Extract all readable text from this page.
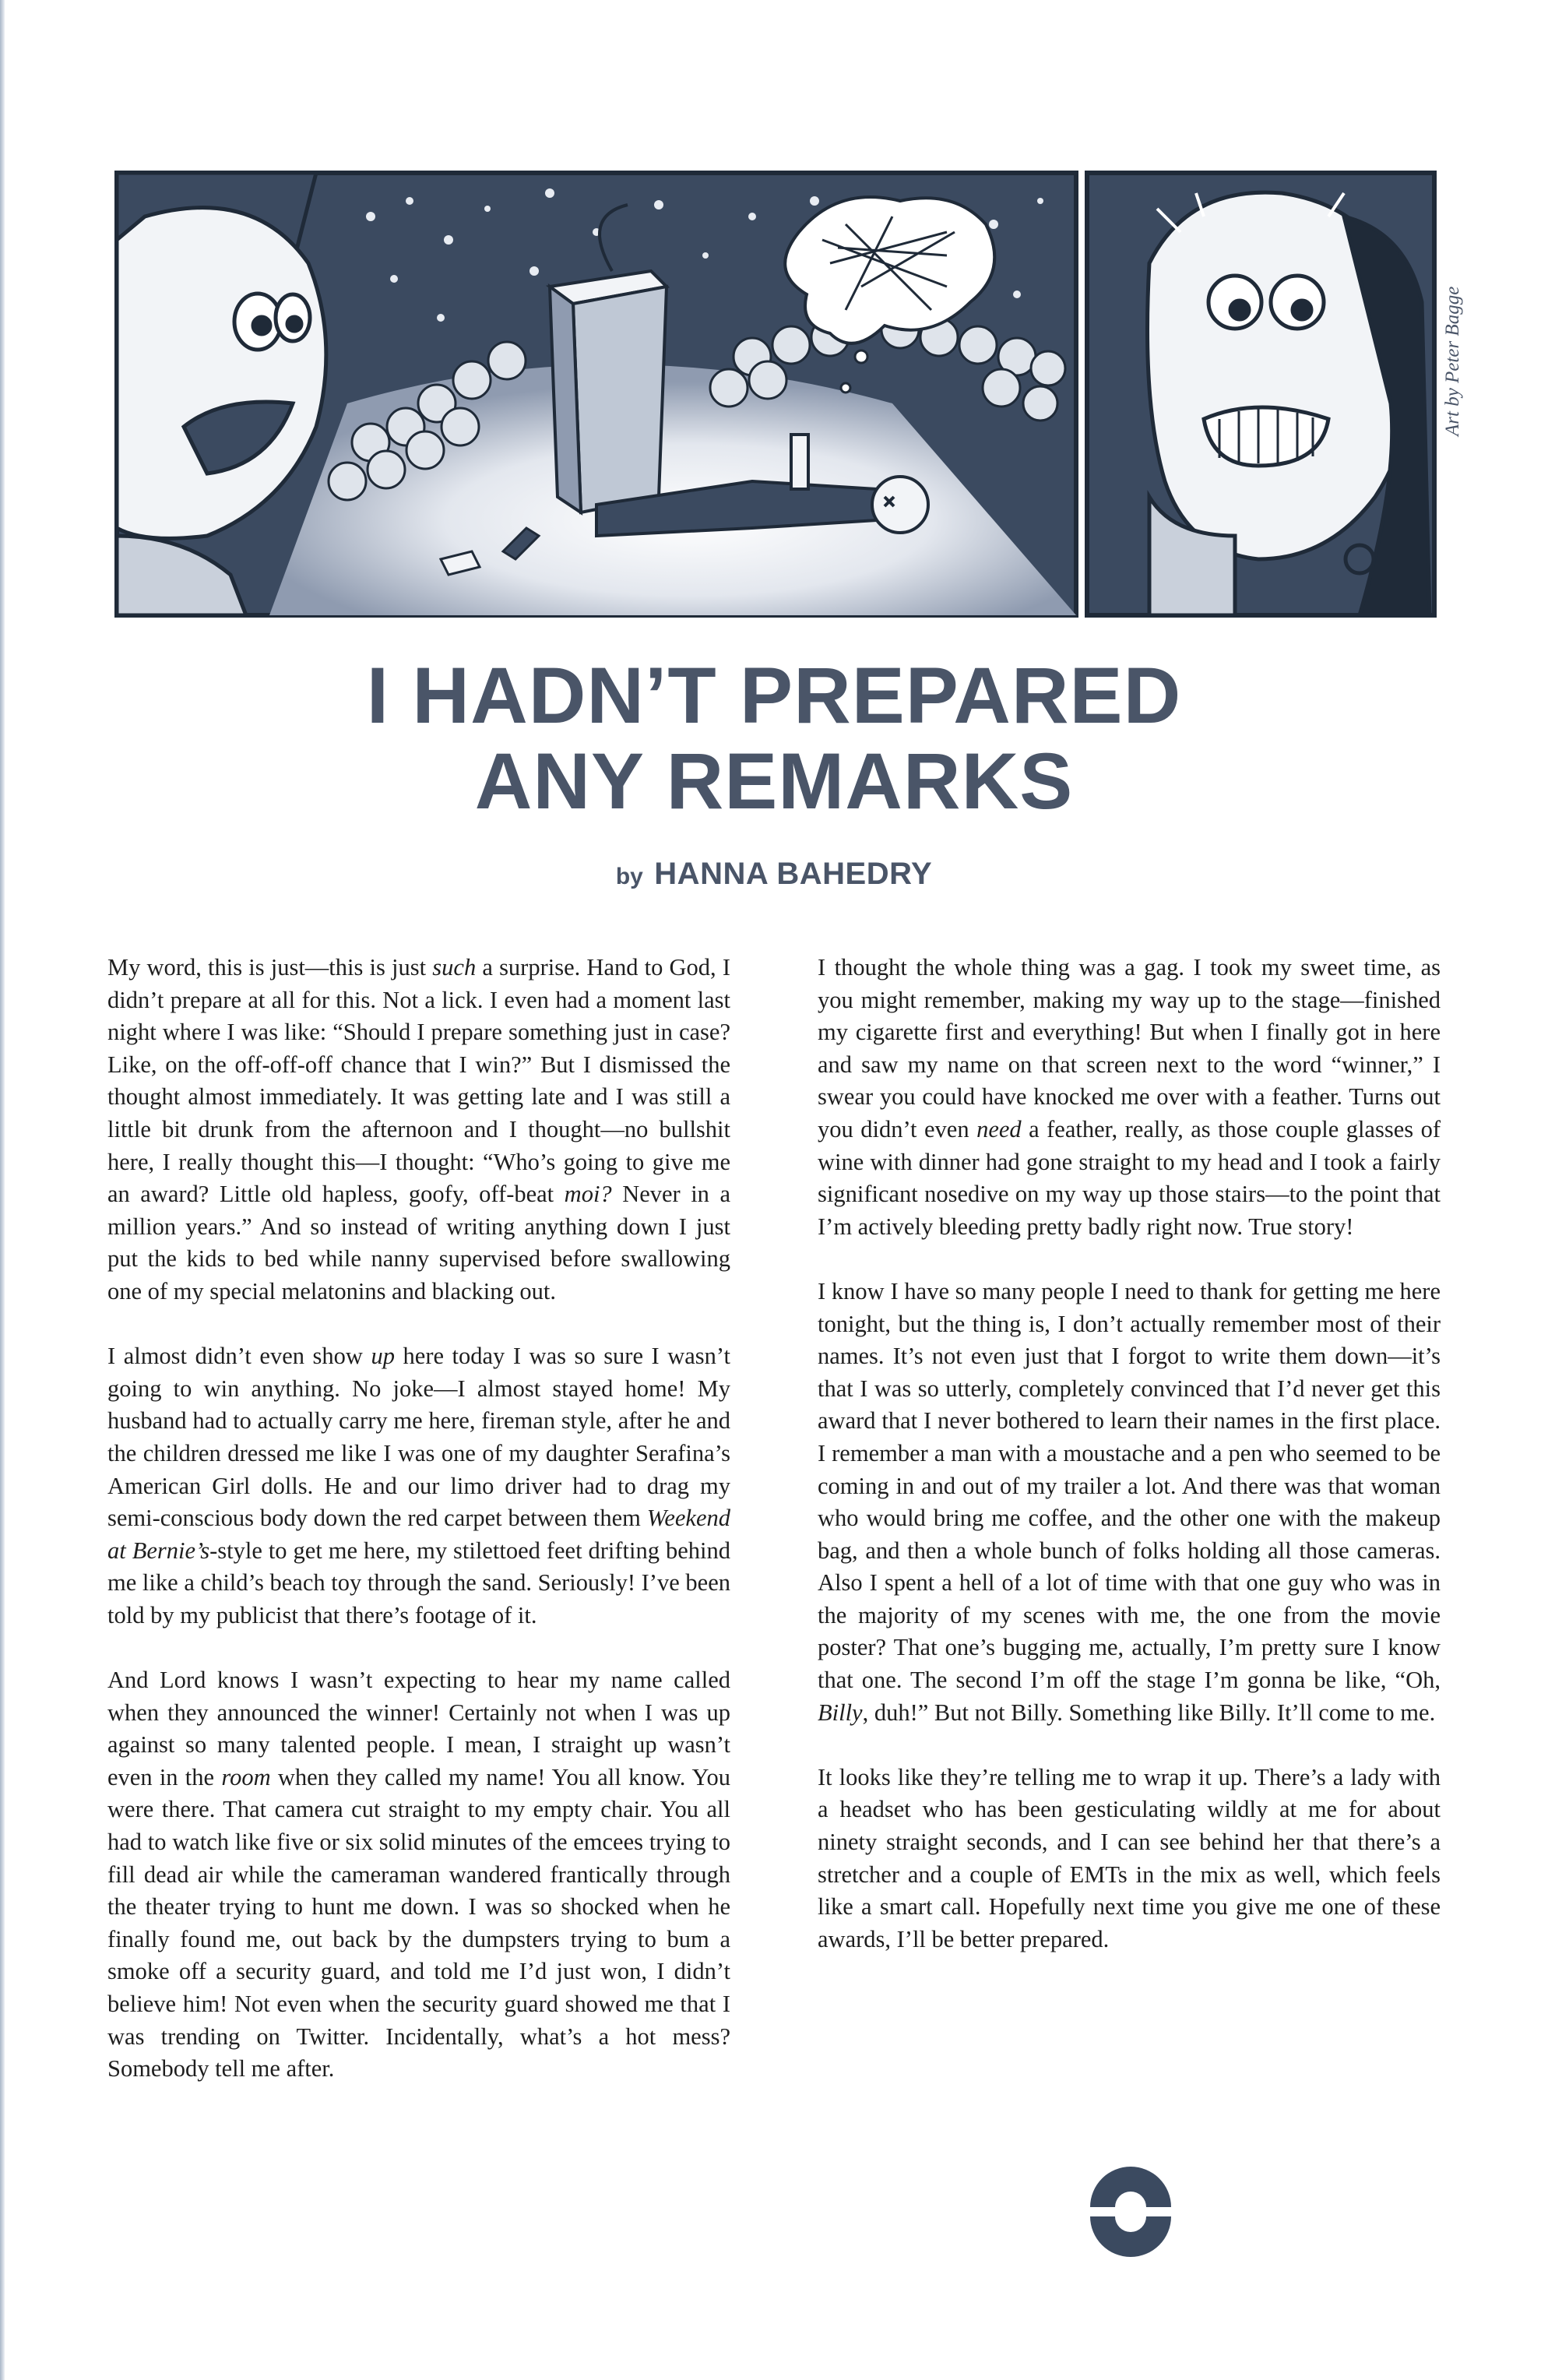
Art by Peter Bagge
I HADN’T PREPARED
ANY REMARKS
by HANNA BAHEDRY

My word, this is just—this is just such a surprise. Hand to God, I didn’t prepare at all for this. Not a lick. I even had a moment last night where I was like: “Should I prepare something just in case? Like, on the off-off-off chance that I win?” But I dismissed the thought almost immediately. It was getting late and I was still a little bit drunk from the afternoon and I thought—no bullshit here, I really thought this—I thought: “Who’s going to give me an award? Little old hapless, goofy, off-beat moi? Never in a million years.” And so instead of writing anything down I just put the kids to bed while nanny supervised before swallowing one of my special melatonins and blacking out.

I almost didn’t even show up here today I was so sure I wasn’t going to win anything. No joke—I almost stayed home! My husband had to actually carry me here, fireman style, after he and the children dressed me like I was one of my daughter Serafina’s American Girl dolls. He and our limo driver had to drag my semi-conscious body down the red carpet between them Weekend at Bernie’s-style to get me here, my stilettoed feet drifting behind me like a child’s beach toy through the sand. Seriously! I’ve been told by my publicist that there’s footage of it.

And Lord knows I wasn’t expecting to hear my name called when they announced the winner! Certainly not when I was up against so many talented people. I mean, I straight up wasn’t even in the room when they called my name! You all know. You were there. That camera cut straight to my empty chair. You all had to watch like five or six solid minutes of the emcees trying to fill dead air while the cameraman wandered frantically through the theater trying to hunt me down. I was so shocked when he finally found me, out back by the dumpsters trying to bum a smoke off a security guard, and told me I’d just won, I didn’t believe him! Not even when the security guard showed me that I was trending on Twitter. Incidentally, what’s a hot mess? Somebody tell me after.

I thought the whole thing was a gag. I took my sweet time, as you might remember, making my way up to the stage—finished my cigarette first and everything! But when I finally got in here and saw my name on that screen next to the word “winner,” I swear you could have knocked me over with a feather. Turns out you didn’t even need a feather, really, as those couple glasses of wine with dinner had gone straight to my head and I took a fairly significant nosedive on my way up those stairs—to the point that I’m actively bleeding pretty badly right now. True story!

I know I have so many people I need to thank for getting me here tonight, but the thing is, I don’t actually remember most of their names. It’s not even just that I forgot to write them down—it’s that I was so utterly, completely convinced that I’d never get this award that I never bothered to learn their names in the first place. I remember a man with a moustache and a pen who seemed to be coming in and out of my trailer a lot. And there was that woman who would bring me coffee, and the other one with the makeup bag, and then a whole bunch of folks holding all those cameras. Also I spent a hell of a lot of time with that one guy who was in the majority of my scenes with me, the one from the movie poster? That one’s bugging me, actually, I’m pretty sure I know that one. The second I’m off the stage I’m gonna be like, “Oh, Billy, duh!” But not Billy. Something like Billy. It’ll come to me.

It looks like they’re telling me to wrap it up. There’s a lady with a headset who has been gesticulating wildly at me for about ninety straight seconds, and I can see behind her that there’s a stretcher and a couple of EMTs in the mix as well, which feels like a smart call. Hopefully next time you give me one of these awards, I’ll be better prepared.
